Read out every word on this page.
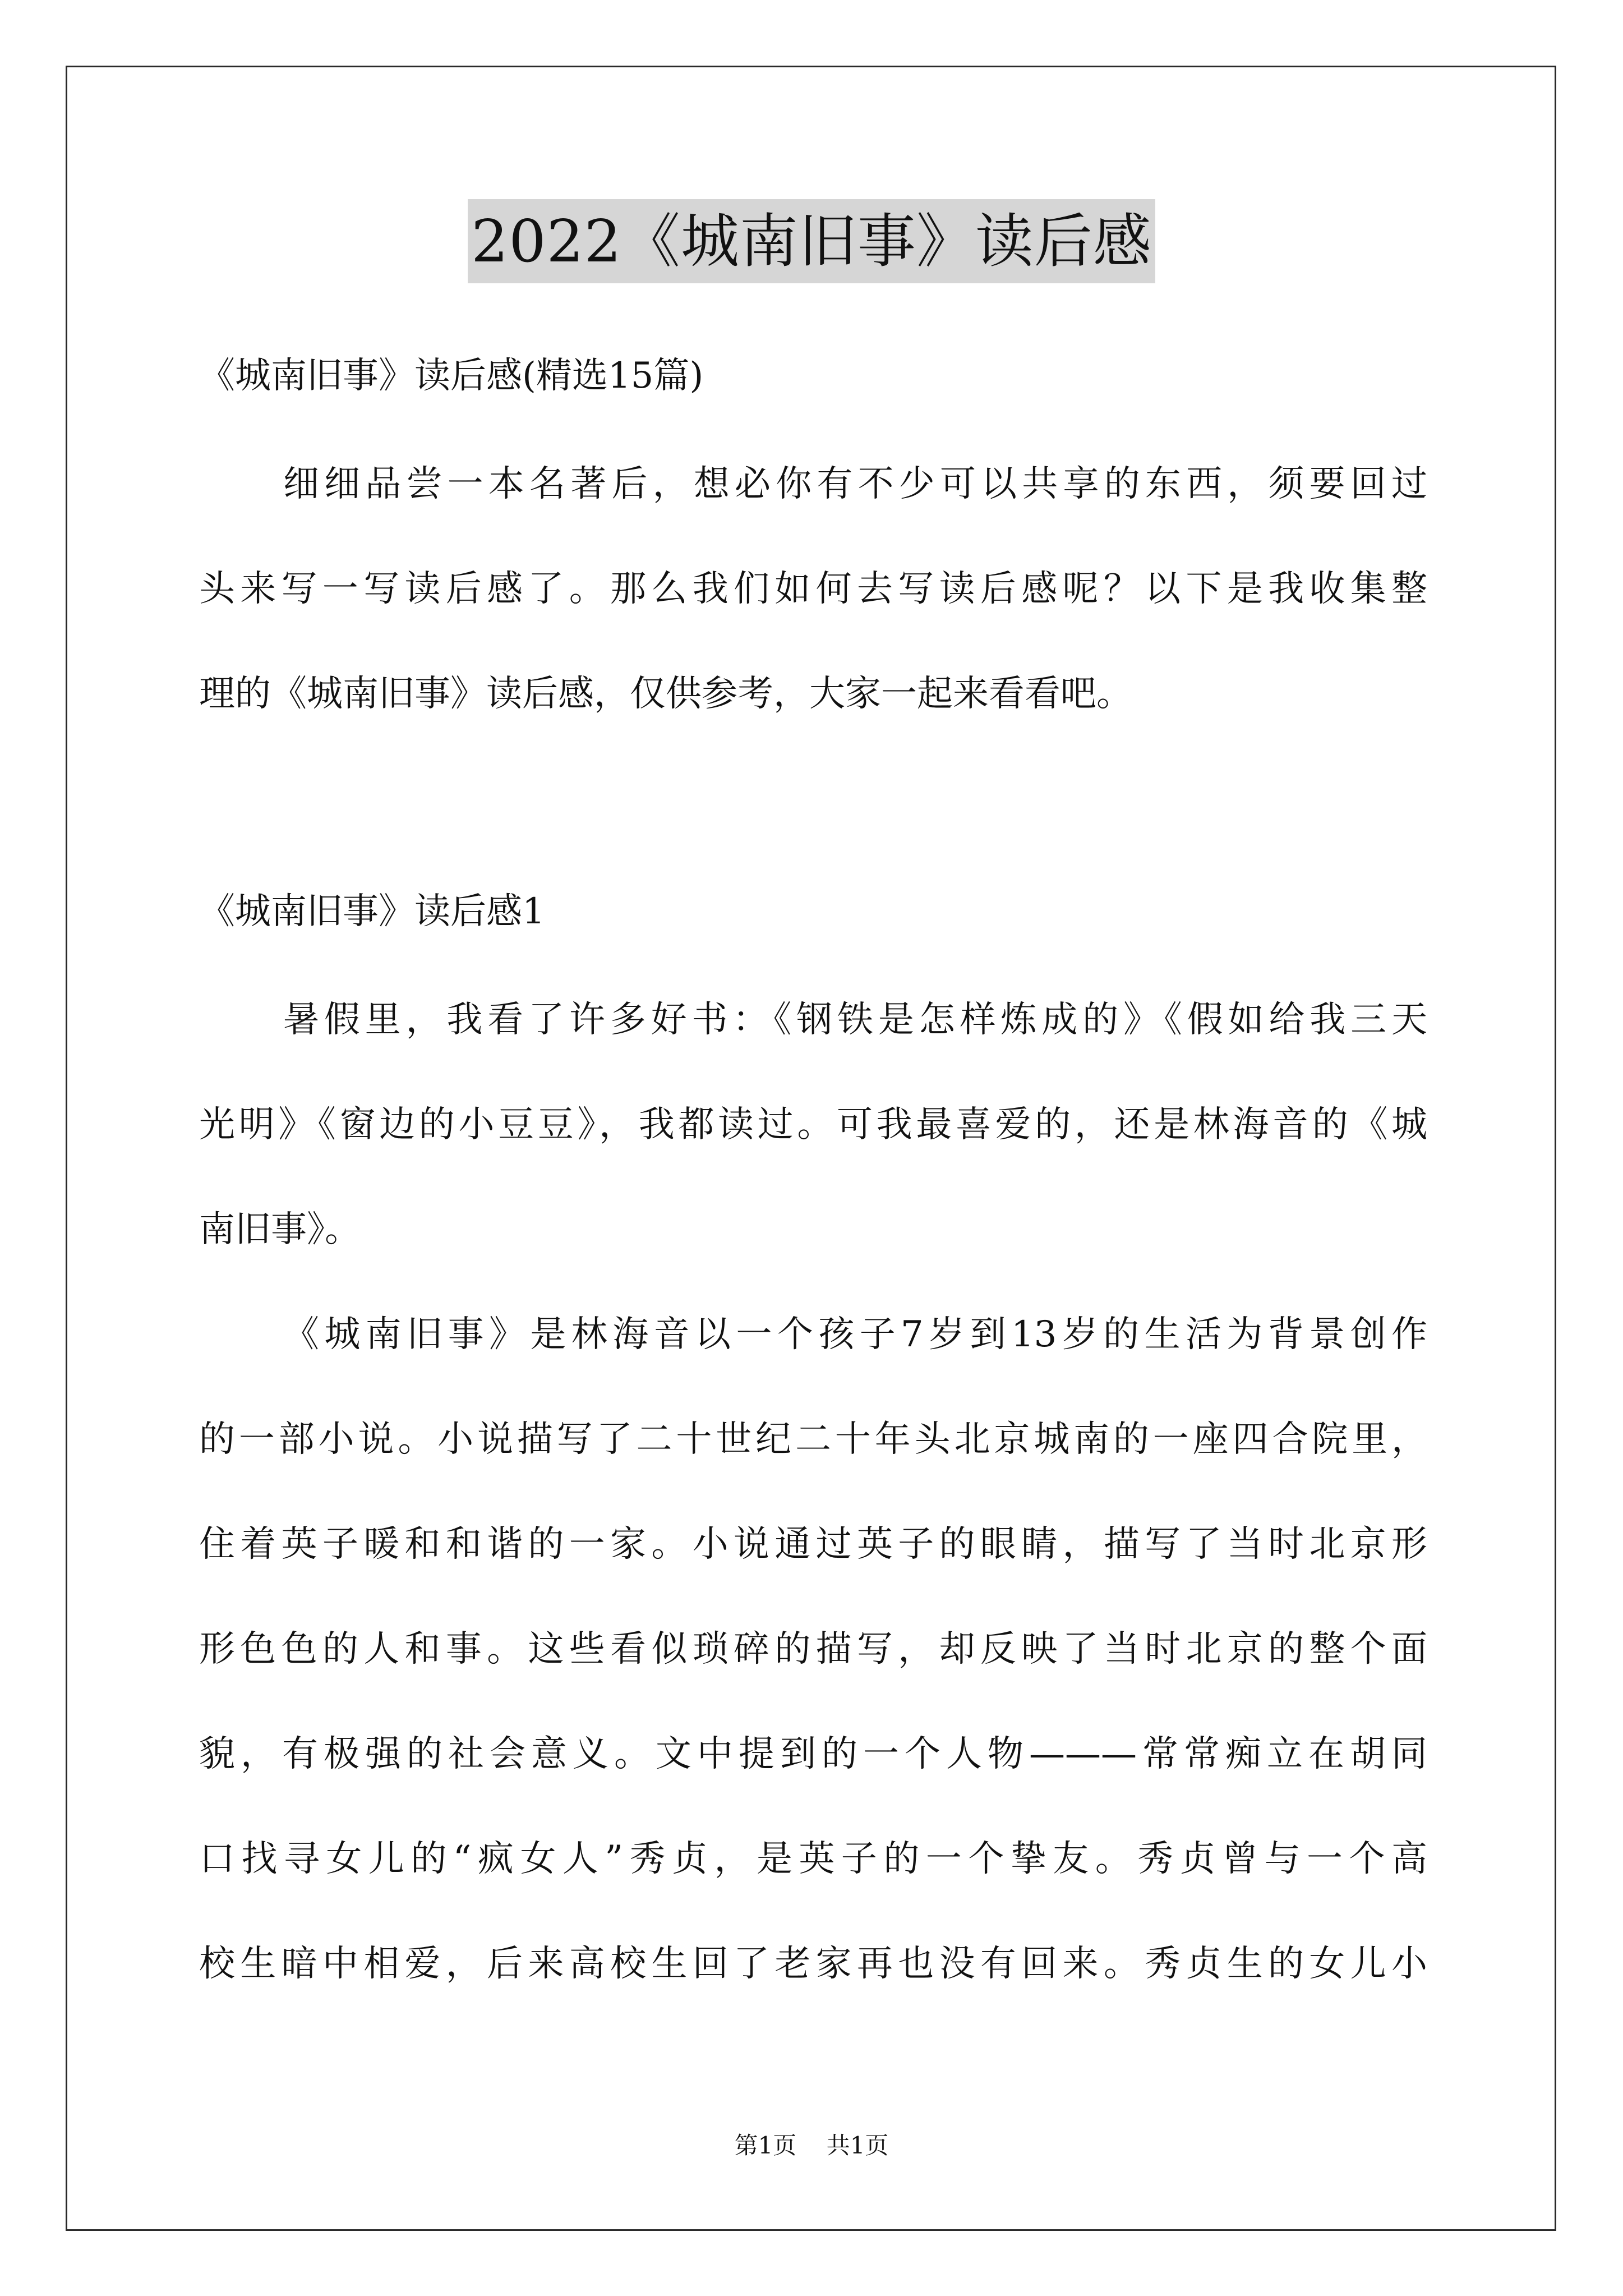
2022《城南旧事》读后感
《城南旧事》读后感(精选15篇)
细细品尝一本名著后，想必你有不少可以共享的东西，须要回过
头来写一写读后感了。那么我们如何去写读后感呢？以下是我收集整
理的《城南旧事》读后感，仅供参考，大家一起来看看吧。
《城南旧事》读后感1
暑假里，我看了许多好书：《钢铁是怎样炼成的》《假如给我三天
光明》《窗边的小豆豆》，我都读过。可我最喜爱的，还是林海音的《城
南旧事》。
《城南旧事》是林海音以一个孩子7岁到13岁的生活为背景创作
的一部小说。小说描写了二十世纪二十年头北京城南的一座四合院里，
住着英子暖和和谐的一家。小说通过英子的眼睛，描写了当时北京形
形色色的人和事。这些看似琐碎的描写，却反映了当时北京的整个面
貌，有极强的社会意义。文中提到的一个人物———常常痴立在胡同
口找寻女儿的“疯女人”秀贞，是英子的一个挚友。秀贞曾与一个高
校生暗中相爱，后来高校生回了老家再也没有回来。秀贞生的女儿小
第1页 共1页
